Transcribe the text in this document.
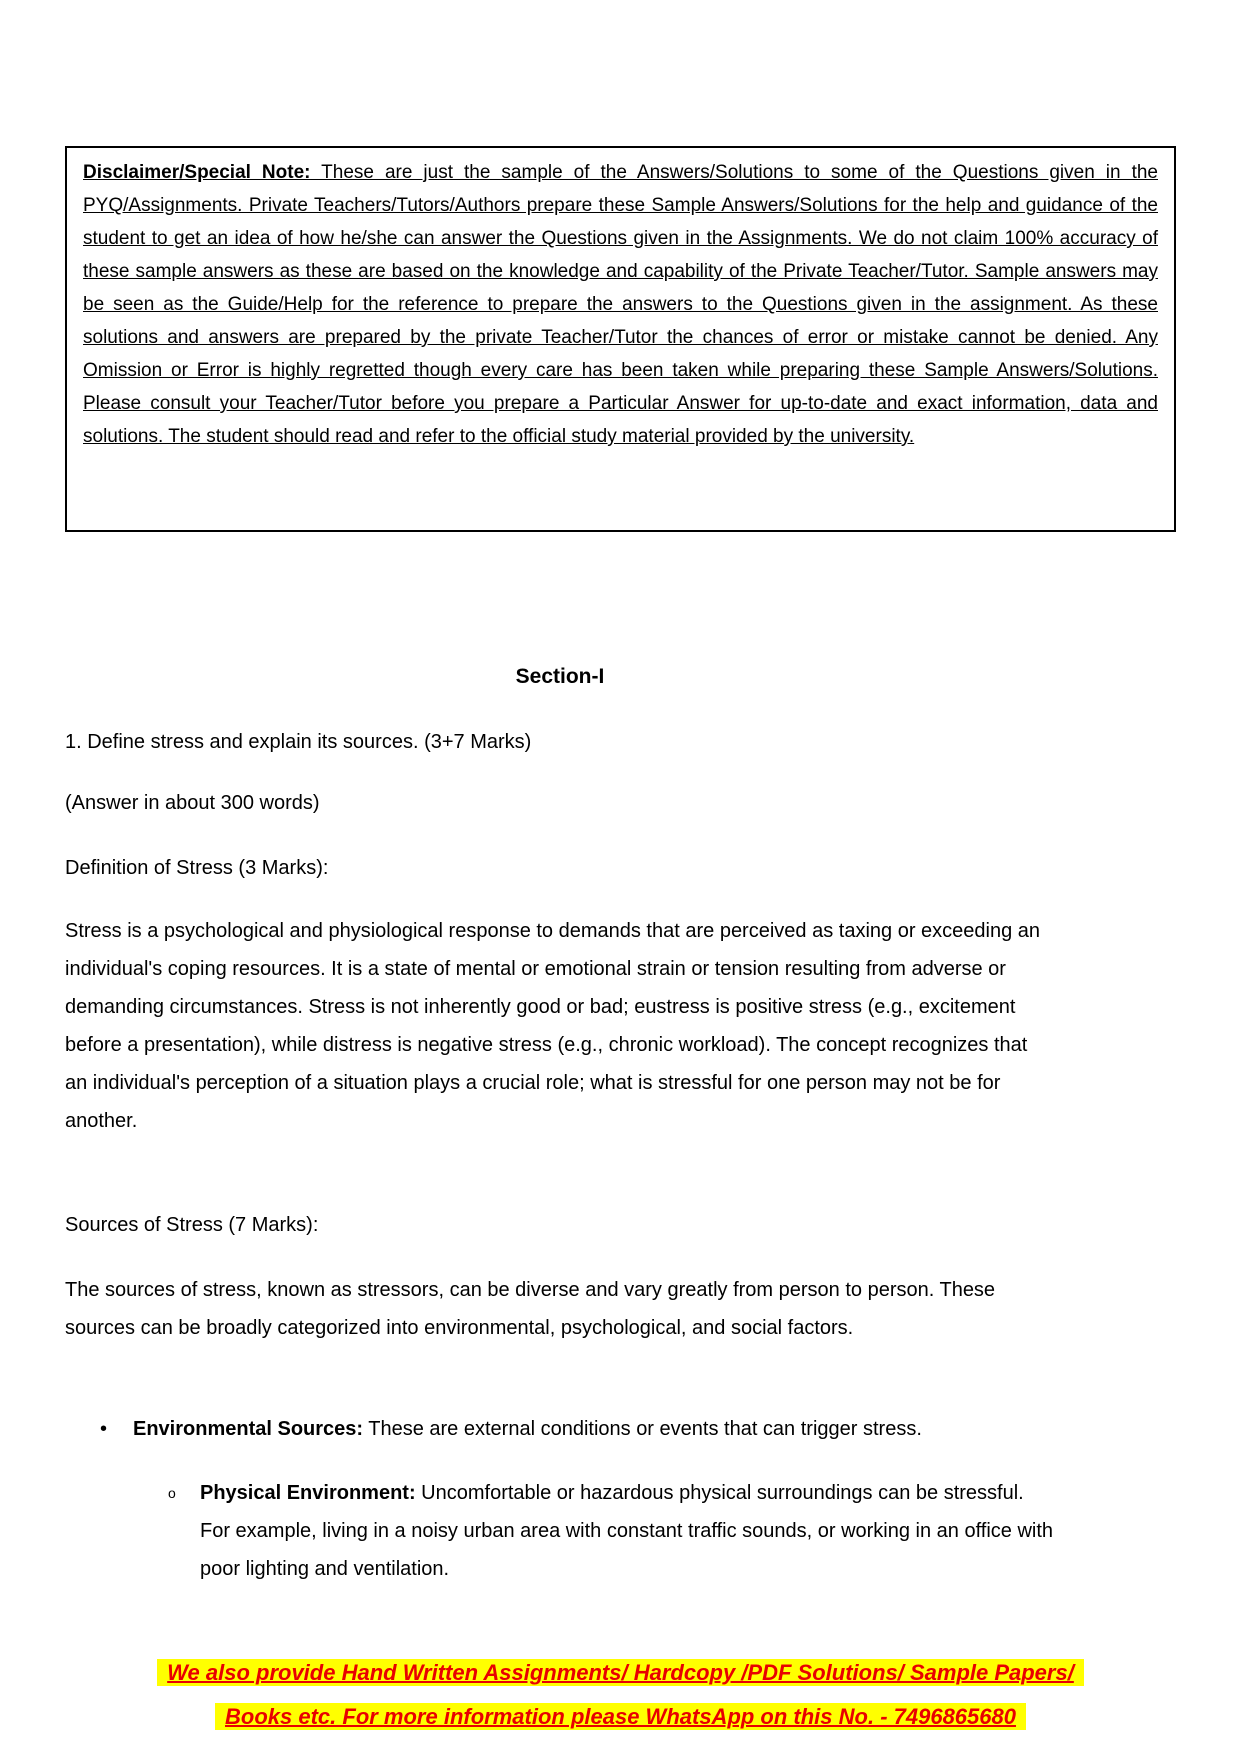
Disclaimer/Special Note: These are just the sample of the Answers/Solutions to some of the Questions given in the PYQ/Assignments. Private Teachers/Tutors/Authors prepare these Sample Answers/Solutions for the help and guidance of the student to get an idea of how he/she can answer the Questions given in the Assignments. We do not claim 100% accuracy of these sample answers as these are based on the knowledge and capability of the Private Teacher/Tutor. Sample answers may be seen as the Guide/Help for the reference to prepare the answers to the Questions given in the assignment. As these solutions and answers are prepared by the private Teacher/Tutor the chances of error or mistake cannot be denied. Any Omission or Error is highly regretted though every care has been taken while preparing these Sample Answers/Solutions. Please consult your Teacher/Tutor before you prepare a Particular Answer for up-to-date and exact information, data and solutions. The student should read and refer to the official study material provided by the university.

Section-I
1. Define stress and explain its sources. (3+7 Marks)
(Answer in about 300 words)
Definition of Stress (3 Marks):
Stress is a psychological and physiological response to demands that are perceived as taxing or exceeding an individual's coping resources. It is a state of mental or emotional strain or tension resulting from adverse or demanding circumstances. Stress is not inherently good or bad; eustress is positive stress (e.g., excitement before a presentation), while distress is negative stress (e.g., chronic workload). The concept recognizes that an individual's perception of a situation plays a crucial role; what is stressful for one person may not be for another.
Sources of Stress (7 Marks):
The sources of stress, known as stressors, can be diverse and vary greatly from person to person. These sources can be broadly categorized into environmental, psychological, and social factors.
•	Environmental Sources: These are external conditions or events that can trigger stress.
o	Physical Environment: Uncomfortable or hazardous physical surroundings can be stressful. For example, living in a noisy urban area with constant traffic sounds, or working in an office with poor lighting and ventilation.
We also provide Hand Written Assignments/ Hardcopy /PDF Solutions/ Sample Papers/
Books etc. For more information please WhatsApp on this No. - 7496865680
